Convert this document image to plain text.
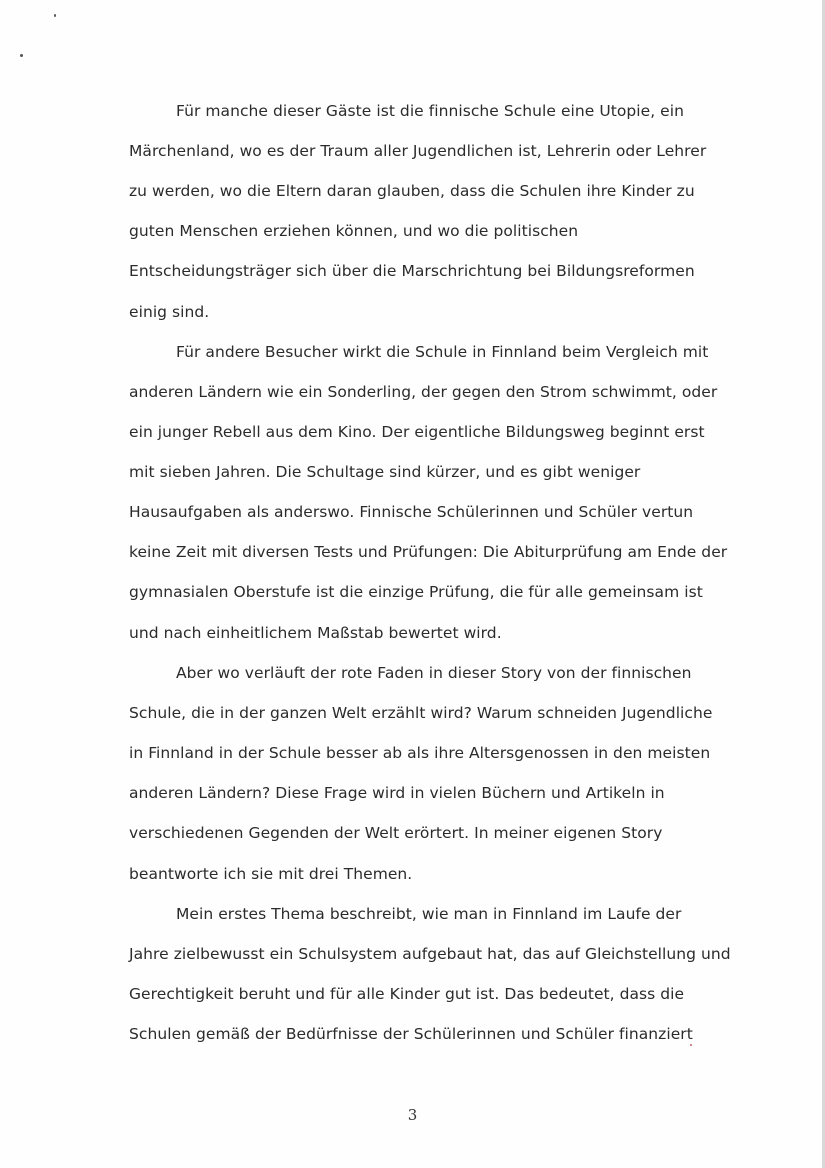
Für manche dieser Gäste ist die finnische Schule eine Utopie, ein

Märchenland, wo es der Traum aller Jugendlichen ist, Lehrerin oder Lehrer

zu werden, wo die Eltern daran glauben, dass die Schulen ihre Kinder zu

guten Menschen erziehen können, und wo die politischen

Entscheidungsträger sich über die Marschrichtung bei Bildungsreformen

einig sind.

Für andere Besucher wirkt die Schule in Finnland beim Vergleich mit

anderen Ländern wie ein Sonderling, der gegen den Strom schwimmt, oder

ein junger Rebell aus dem Kino. Der eigentliche Bildungsweg beginnt erst

mit sieben Jahren. Die Schultage sind kürzer, und es gibt weniger

Hausaufgaben als anderswo. Finnische Schülerinnen und Schüler vertun

keine Zeit mit diversen Tests und Prüfungen: Die Abiturprüfung am Ende der

gymnasialen Oberstufe ist die einzige Prüfung, die für alle gemeinsam ist

und nach einheitlichem Maßstab bewertet wird.

Aber wo verläuft der rote Faden in dieser Story von der finnischen

Schule, die in der ganzen Welt erzählt wird? Warum schneiden Jugendliche

in Finnland in der Schule besser ab als ihre Altersgenossen in den meisten

anderen Ländern? Diese Frage wird in vielen Büchern und Artikeln in

verschiedenen Gegenden der Welt erörtert. In meiner eigenen Story

beantworte ich sie mit drei Themen.

Mein erstes Thema beschreibt, wie man in Finnland im Laufe der

Jahre zielbewusst ein Schulsystem aufgebaut hat, das auf Gleichstellung und

Gerechtigkeit beruht und für alle Kinder gut ist. Das bedeutet, dass die

Schulen gemäß der Bedürfnisse der Schülerinnen und Schüler finanziert

3
